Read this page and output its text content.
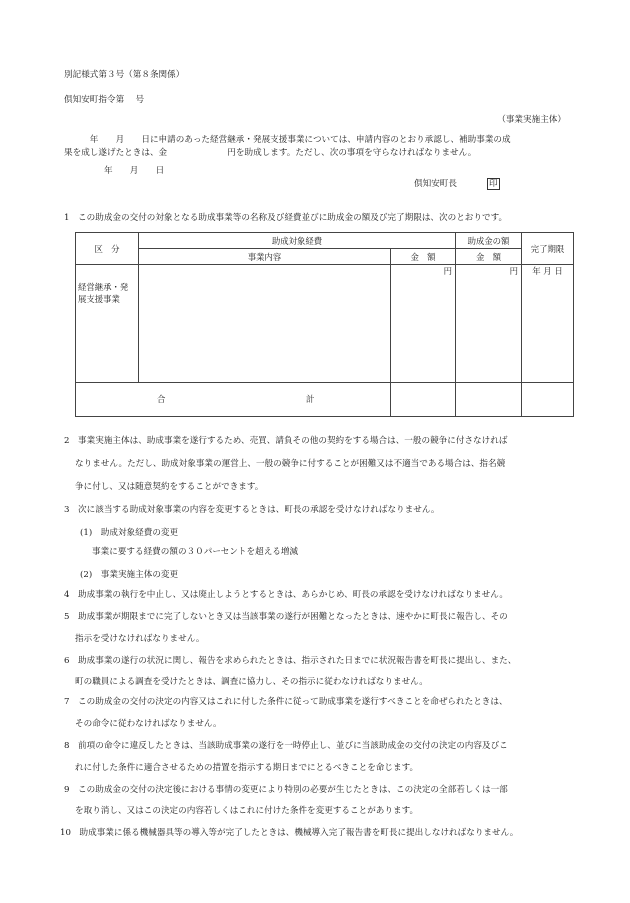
別記様式第３号（第８条関係）
倶知安町指令第　 号
（事業実施主体）
　　　年　　月　　日に申請のあった経営継承・発展支援事業については、申請内容のとおり承認し、補助事業の成
果を成し遂げたときは、金　　　　　　　円を助成します。ただし、次の事項を守らなければなりません。
年　　月　　日
倶知安町長	印
1　この助成金の交付の対象となる助成事業等の名称及び経費並びに助成金の額及び完了期限は、次のとおりです。
区　分	助成対象経費		助成金の額	完了期限
	事業内容	金　額	金　額	
経営継承・発展支援事業		円	円	年 月 日

合 計				

2　事業実施主体は、助成事業を遂行するため、売買、請負その他の契約をする場合は、一般の競争に付さなければ
なりません。ただし、助成対象事業の運営上、一般の競争に付することが困難又は不適当である場合は、指名競
争に付し、又は随意契約をすることができます。
3　次に該当する助成対象事業の内容を変更するときは、町長の承認を受けなければなりません。
(1)　助成対象経費の変更
事業に要する経費の額の３０パーセントを超える増減
(2)　事業実施主体の変更
4　助成事業の執行を中止し、又は廃止しようとするときは、あらかじめ、町長の承認を受けなければなりません。
5　助成事業が期限までに完了しないとき又は当該事業の遂行が困難となったときは、速やかに町長に報告し、その
指示を受けなければなりません。
6　助成事業の遂行の状況に関し、報告を求められたときは、指示された日までに状況報告書を町長に提出し、また、
町の職員による調査を受けたときは、調査に協力し、その指示に従わなければなりません。
7　この助成金の交付の決定の内容又はこれに付した条件に従って助成事業を遂行すべきことを命ぜられたときは、
その命令に従わなければなりません。
8　前項の命令に違反したときは、当該助成事業の遂行を一時停止し、並びに当該助成金の交付の決定の内容及びこ
れに付した条件に適合させるための措置を指示する期日までにとるべきことを命じます。
9　この助成金の交付の決定後における事情の変更により特別の必要が生じたときは、この決定の全部若しくは一部
を取り消し、又はこの決定の内容若しくはこれに付けた条件を変更することがあります。
10　助成事業に係る機械器具等の導入等が完了したときは、機械導入完了報告書を町長に提出しなければなりません。
